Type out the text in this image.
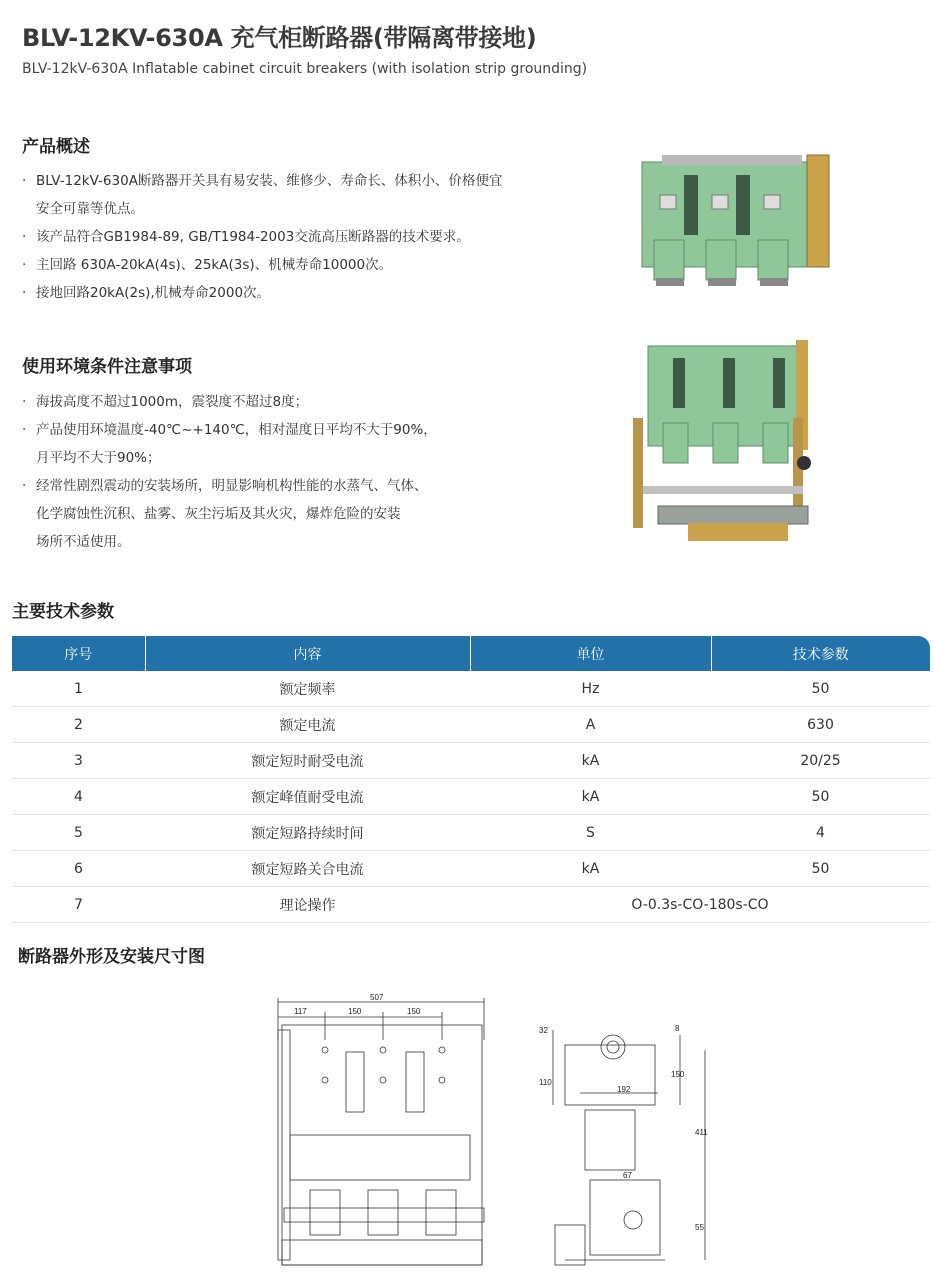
BLV-12KV-630A 充气柜断路器(带隔离带接地)
BLV-12kV-630A Inflatable cabinet circuit breakers (with isolation strip grounding)
产品概述
· BLV-12kV-630A断路器开关具有易安装、维修少、寿命长、体积小、价格便宜
安全可靠等优点。
· 该产品符合GB1984-89, GB/T1984-2003交流高压断路器的技术要求。
· 主回路 630A-20kA(4s)、25kA(3s)、机械寿命10000次。
· 接地回路20kA(2s),机械寿命2000次。
使用环境条件注意事项
· 海拔高度不超过1000m，震裂度不超过8度；
· 产品使用环境温度-40℃~+140℃，相对湿度日平均不大于90%，
月平均不大于90%；
· 经常性剧烈震动的安装场所，明显影响机构性能的水蒸气、气体、
化学腐蚀性沉积、盐雾、灰尘污垢及其火灾，爆炸危险的安装
场所不适使用。
主要技术参数
序号	内容	单位	技术参数
1	额定频率	Hz	50
2	额定电流	A	630
3	额定短时耐受电流	kA	20/25
4	额定峰值耐受电流	kA	50
5	额定短路持续时间	S	4
6	额定短路关合电流	kA	50
7	理论操作	O-0.3s-CO-180s-CO	
断路器外形及安装尺寸图
507
117	150	150
32	8
110
150
192
411
67
55
